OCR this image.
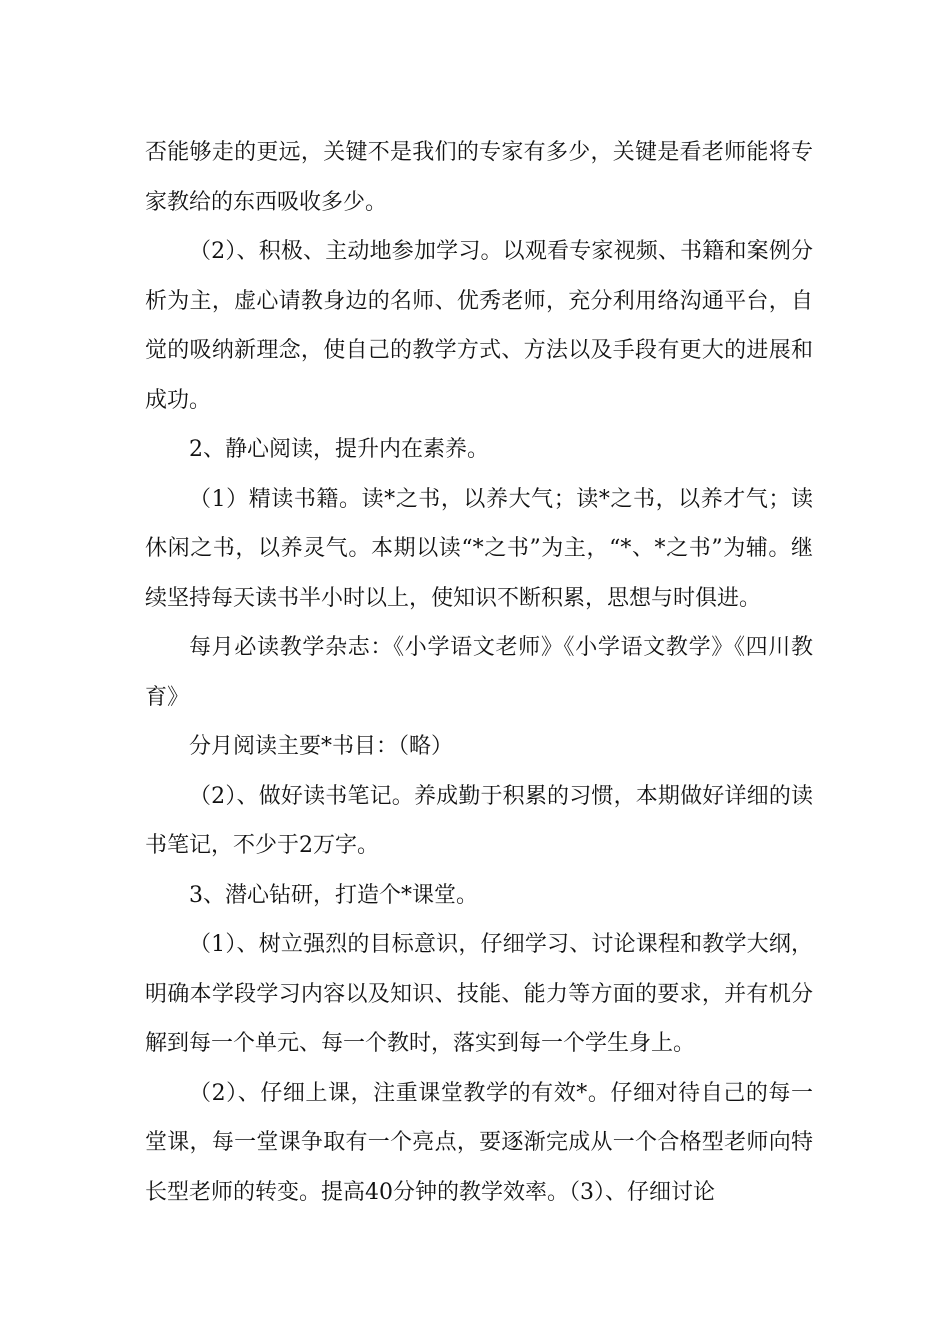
否能够走的更远，关键不是我们的专家有多少，关键是看老师能将专家教给的东西吸收多少。

（2）、积极、主动地参加学习。以观看专家视频、书籍和案例分析为主，虚心请教身边的名师、优秀老师，充分利用络沟通平台，自觉的吸纳新理念，使自己的教学方式、方法以及手段有更大的进展和成功。

2、静心阅读，提升内在素养。

（1）精读书籍。读*之书，以养大气；读*之书，以养才气；读休闲之书，以养灵气。本期以读“*之书”为主，“*、*之书”为辅。继续坚持每天读书半小时以上，使知识不断积累，思想与时俱进。

每月必读教学杂志：《小学语文老师》《小学语文教学》《四川教育》

分月阅读主要*书目：（略）

（2）、做好读书笔记。养成勤于积累的习惯，本期做好详细的读书笔记，不少于2万字。

3、潜心钻研，打造个*课堂。

（1）、树立强烈的目标意识，仔细学习、讨论课程和教学大纲，明确本学段学习内容以及知识、技能、能力等方面的要求，并有机分解到每一个单元、每一个教时，落实到每一个学生身上。

（2）、仔细上课，注重课堂教学的有效*。仔细对待自己的每一堂课，每一堂课争取有一个亮点，要逐渐完成从一个合格型老师向特长型老师的转变。提高40分钟的教学效率。（3）、仔细讨论
